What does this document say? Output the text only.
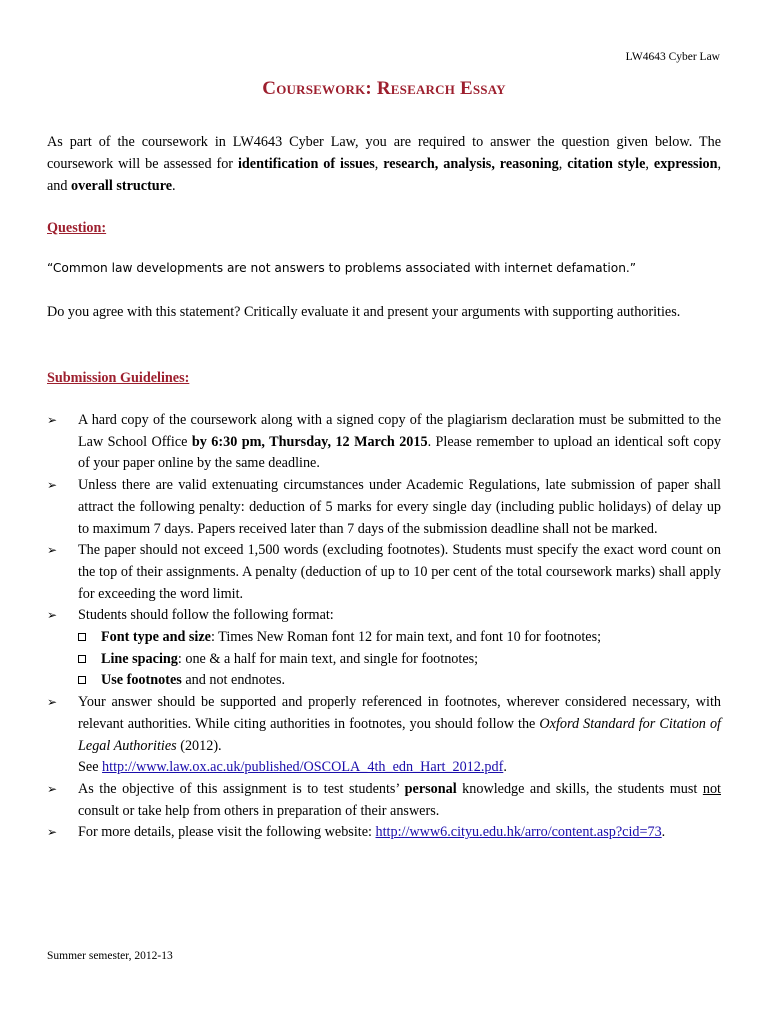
LW4643 Cyber Law
Coursework: Research Essay
As part of the coursework in LW4643 Cyber Law, you are required to answer the question given below. The coursework will be assessed for identification of issues, research, analysis, reasoning, citation style, expression, and overall structure.
Question:
“Common law developments are not answers to problems associated with internet defamation.”
Do you agree with this statement? Critically evaluate it and present your arguments with supporting authorities.
Submission Guidelines:
➢ A hard copy of the coursework along with a signed copy of the plagiarism declaration must be submitted to the Law School Office by 6:30 pm, Thursday, 12 March 2015. Please remember to upload an identical soft copy of your paper online by the same deadline.
➢ Unless there are valid extenuating circumstances under Academic Regulations, late submission of paper shall attract the following penalty: deduction of 5 marks for every single day (including public holidays) of delay up to maximum 7 days. Papers received later than 7 days of the submission deadline shall not be marked.
➢ The paper should not exceed 1,500 words (excluding footnotes). Students must specify the exact word count on the top of their assignments. A penalty (deduction of up to 10 per cent of the total coursework marks) shall apply for exceeding the word limit.
➢ Students should follow the following format:
Font type and size: Times New Roman font 12 for main text, and font 10 for footnotes;
Line spacing: one & a half for main text, and single for footnotes;
Use footnotes and not endnotes.
➢ Your answer should be supported and properly referenced in footnotes, wherever considered necessary, with relevant authorities. While citing authorities in footnotes, you should follow the Oxford Standard for Citation of Legal Authorities (2012).
See http://www.law.ox.ac.uk/published/OSCOLA_4th_edn_Hart_2012.pdf.
➢ As the objective of this assignment is to test students’ personal knowledge and skills, the students must not consult or take help from others in preparation of their answers.
➢ For more details, please visit the following website: http://www6.cityu.edu.hk/arro/content.asp?cid=73.
Summer semester, 2012-13
